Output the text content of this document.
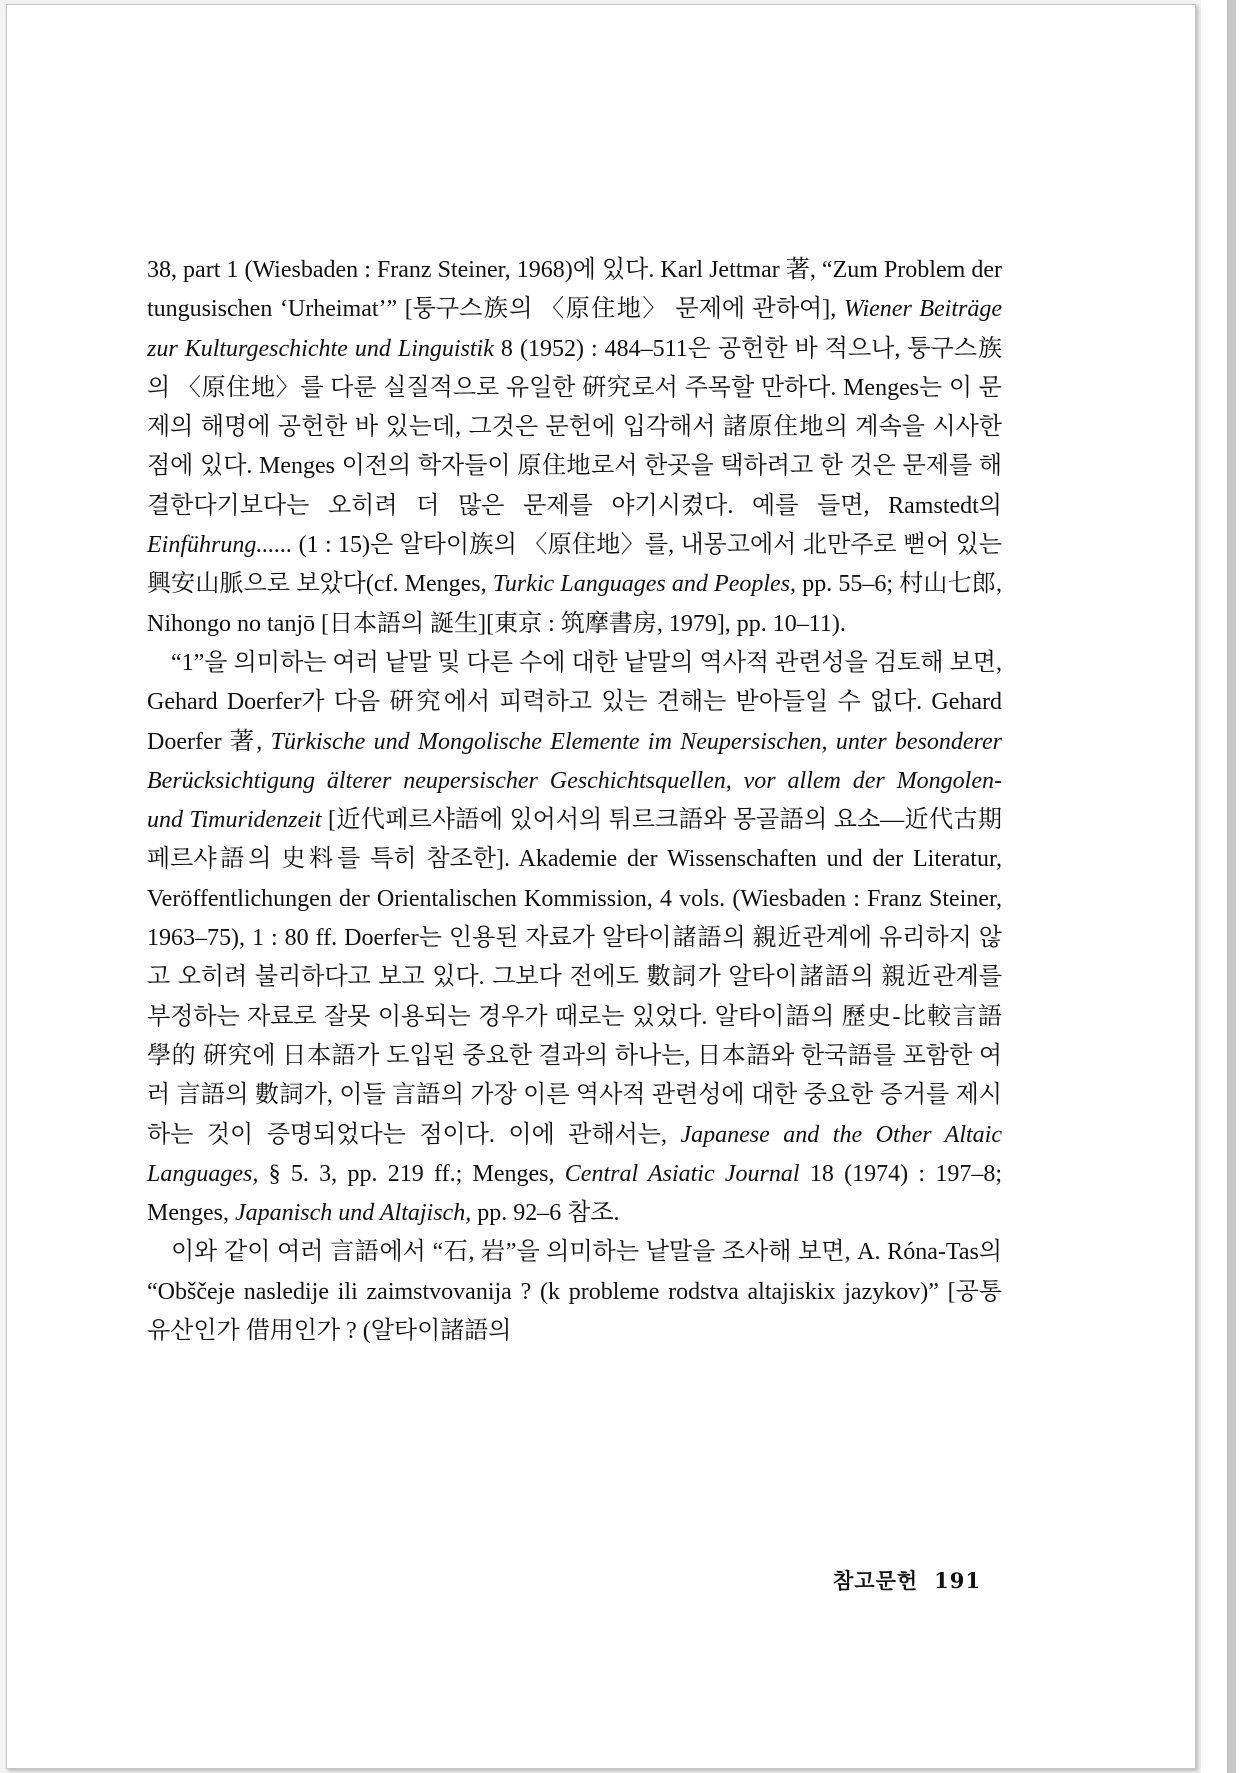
38, part 1 (Wiesbaden : Franz Steiner, 1968)에 있다. Karl Jettmar 著, “Zum Problem der tungusischen ‘Urheimat’” [퉁구스族의 〈原住地〉 문제에 관하여], Wiener Beiträge zur Kulturgeschichte und Linguistik 8 (1952) : 484–511은 공헌한 바 적으나, 퉁구스族의 〈原住地〉를 다룬 실질적으로 유일한 硏究로서 주목할 만하다. Menges는 이 문제의 해명에 공헌한 바 있는데, 그것은 문헌에 입각해서 諸原住地의 계속을 시사한 점에 있다. Menges 이전의 학자들이 原住地로서 한곳을 택하려고 한 것은 문제를 해결한다기보다는 오히려 더 많은 문제를 야기시켰다. 예를 들면, Ramstedt의 Einführung...... (1 : 15)은 알타이族의 〈原住地〉를, 내몽고에서 北만주로 뻗어 있는 興安山脈으로 보았다(cf. Menges, Turkic Languages and Peoples, pp. 55–6; 村山七郎, Nihongo no tanjō [日本語의 誕生][東京 : 筑摩書房, 1979], pp. 10–11).

“1”을 의미하는 여러 낱말 및 다른 수에 대한 낱말의 역사적 관련성을 검토해 보면, Gehard Doerfer가 다음 硏究에서 피력하고 있는 견해는 받아들일 수 없다. Gehard Doerfer 著, Türkische und Mongolische Elemente im Neupersischen, unter besonderer Berücksichtigung älterer neupersischer Geschichtsquellen, vor allem der Mongolen- und Timuridenzeit [近代페르샤語에 있어서의 튀르크語와 몽골語의 요소—近代古期 페르샤語의 史料를 특히 참조한]. Akademie der Wissenschaften und der Literatur, Veröffentlichungen der Orientalischen Kommission, 4 vols. (Wiesbaden : Franz Steiner, 1963–75), 1 : 80 ff. Doerfer는 인용된 자료가 알타이諸語의 親近관계에 유리하지 않고 오히려 불리하다고 보고 있다. 그보다 전에도 數詞가 알타이諸語의 親近관계를 부정하는 자료로 잘못 이용되는 경우가 때로는 있었다. 알타이語의 歷史-比較言語學的 硏究에 日本語가 도입된 중요한 결과의 하나는, 日本語와 한국語를 포함한 여러 言語의 數詞가, 이들 言語의 가장 이른 역사적 관련성에 대한 중요한 증거를 제시하는 것이 증명되었다는 점이다. 이에 관해서는, Japanese and the Other Altaic Languages, § 5. 3, pp. 219 ff.; Menges, Central Asiatic Journal 18 (1974) : 197–8; Menges, Japanisch und Altajisch, pp. 92–6 참조.

이와 같이 여러 言語에서 “石, 岩”을 의미하는 낱말을 조사해 보면, A. Róna-Tas의 “Obščeje nasledije ili zaimstvovanija ? (k probleme rodstva altajiskix jazykov)” [공통 유산인가 借用인가 ? (알타이諸語의

참고문헌 191
